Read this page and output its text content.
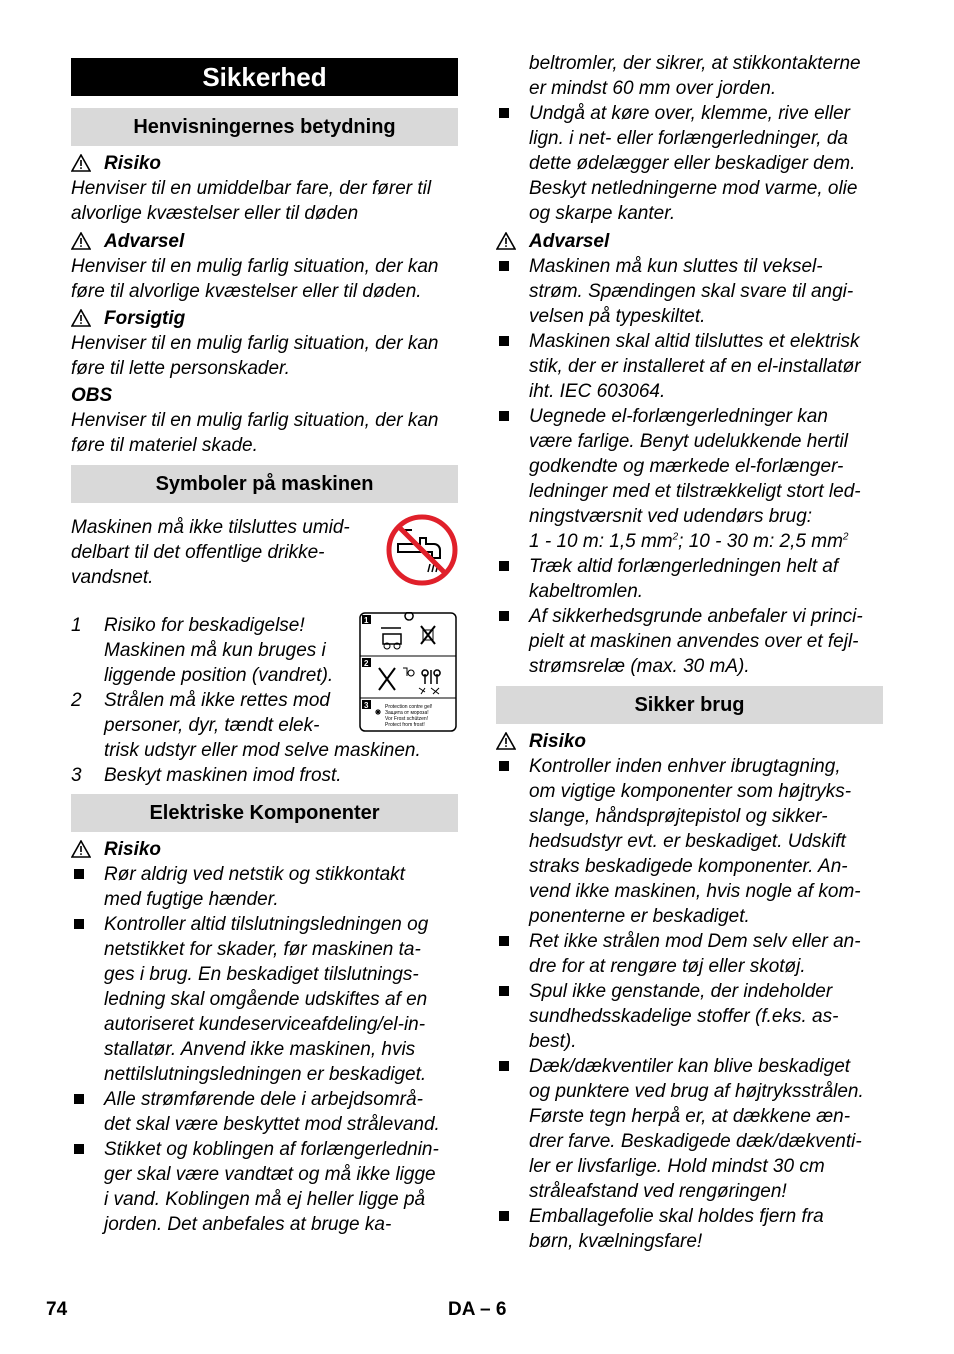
Sikkerhed
Henvisningernes betydning
Risiko
Henviser til en umiddelbar fare, der fører til
alvorlige kvæstelser eller til døden
Advarsel
Henviser til en mulig farlig situation, der kan
føre til alvorlige kvæstelser eller til døden.
Forsigtig
Henviser til en mulig farlig situation, der kan
føre til lette personskader.
OBS
Henviser til en mulig farlig situation, der kan
føre til materiel skade.
Symboler på maskinen
Maskinen må ikke tilsluttes umid-
delbart til det offentlige drikke-
vandsnet.
1 Risiko for beskadigelse!
Maskinen må kun bruges i
liggende position (vandret).
2 Strålen må ikke rettes mod
personer, dyr, tændt elek-
trisk udstyr eller mod selve maskinen.
3 Beskyt maskinen imod frost.
1
2
3	Protection contre gel!
Защита от мороза!
Vor Frost schützen!
Protect from frost!
Elektriske Komponenter
Risiko
Rør aldrig ved netstik og stikkontakt
med fugtige hænder.
Kontroller altid tilslutningsledningen og
netstikket for skader, før maskinen ta-
ges i brug. En beskadiget tilslutnings-
ledning skal omgående udskiftes af en
autoriseret kundeserviceafdeling/el-in-
stallatør. Anvend ikke maskinen, hvis
nettilslutningsledningen er beskadiget.
Alle strømførende dele i arbejdsområ-
det skal være beskyttet mod strålevand.
Stikket og koblingen af forlængerlednin-
ger skal være vandtæt og må ikke ligge
i vand. Koblingen må ej heller ligge på
jorden. Det anbefales at bruge ka-
beltromler, der sikrer, at stikkontakterne
er mindst 60 mm over jorden.
Undgå at køre over, klemme, rive eller
lign. i net- eller forlængerledninger, da
dette ødelægger eller beskadiger dem.
Beskyt netledningerne mod varme, olie
og skarpe kanter.
Advarsel
Maskinen må kun sluttes til veksel-
strøm. Spændingen skal svare til angi-
velsen på typeskiltet.
Maskinen skal altid tilsluttes et elektrisk
stik, der er installeret af en el-installatør
iht. IEC 603064.
Uegnede el-forlængerledninger kan
være farlige. Benyt udelukkende hertil
godkendte og mærkede el-forlænger-
ledninger med et tilstrækkeligt stort led-
ningstværsnit ved udendørs brug:
1 - 10 m: 1,5 $mm^2$; 10 - 30 m: 2,5 $mm^2$
Træk altid forlængerledningen helt af
kabeltromlen.
Af sikkerhedsgrunde anbefaler vi princi-
pielt at maskinen anvendes over et fejl-
strømsrelæ (max. 30 mA).
Sikker brug
Risiko
Kontroller inden enhver ibrugtagning,
om vigtige komponenter som højtryks-
slange, håndsprøjtepistol og sikker-
hedsudstyr evt. er beskadiget. Udskift
straks beskadigede komponenter. An-
vend ikke maskinen, hvis nogle af kom-
ponenterne er beskadiget.
Ret ikke strålen mod Dem selv eller an-
dre for at rengøre tøj eller skotøj.
Spul ikke genstande, der indeholder
sundhedsskadelige stoffer (f.eks. as-
best).
Dæk/dækventiler kan blive beskadiget
og punktere ved brug af højtryksstrålen.
Første tegn herpå er, at dækkene æn-
drer farve. Beskadigede dæk/dækventi-
ler er livsfarlige. Hold mindst 30 cm
stråleafstand ved rengøringen!
Emballagefolie skal holdes fjern fra
børn, kvælningsfare!
74	DA – 6
